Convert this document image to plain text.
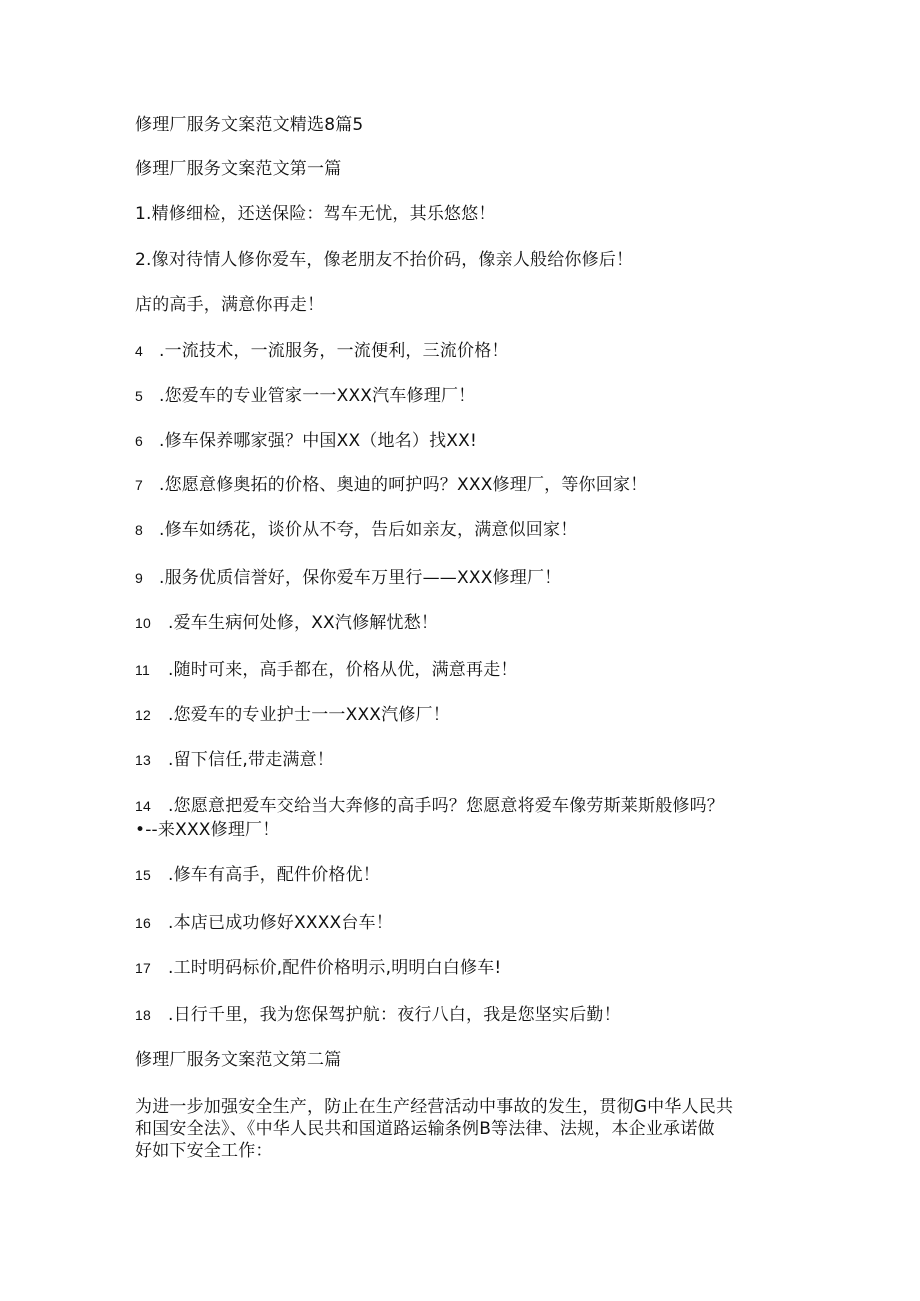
修理厂服务文案范文精选8篇5
修理厂服务文案范文第一篇
1.精修细检，还送保险：驾车无忧，其乐悠悠！
2.像对待情人修你爱车，像老朋友不抬价码，像亲人般给你修后！
店的高手，满意你再走！
4 .一流技术，一流服务，一流便利，三流价格！
5 .您爱车的专业管家一一XXX汽车修理厂！
6 .修车保养哪家强？中国XX（地名）找XX!
7 .您愿意修奥拓的价格、奥迪的呵护吗？XXX修理厂，等你回家！
8 .修车如绣花，谈价从不夸，告后如亲友，满意似回家！
9 .服务优质信誉好，保你爱车万里行——XXX修理厂！
10 .爱车生病何处修，XX汽修解忧愁！
11 .随时可来，高手都在，价格从优，满意再走！
12 .您爱车的专业护士一一XXX汽修厂！
13 .留下信任,带走满意！
14 .您愿意把爱车交给当大奔修的高手吗？您愿意将爱车像劳斯莱斯般修吗？
•--来XXX修理厂！
15 .修车有高手，配件价格优！
16 .本店已成功修好XXXX台车！
17 .工时明码标价,配件价格明示,明明白白修车!
18 .日行千里，我为您保驾护航：夜行八白，我是您坚实后勤！
修理厂服务文案范文第二篇
为进一步加强安全生产，防止在生产经营活动中事故的发生，贯彻G中华人民共
和国安全法》、《中华人民共和国道路运输条例B等法律、法规，本企业承诺做
好如下安全工作：
